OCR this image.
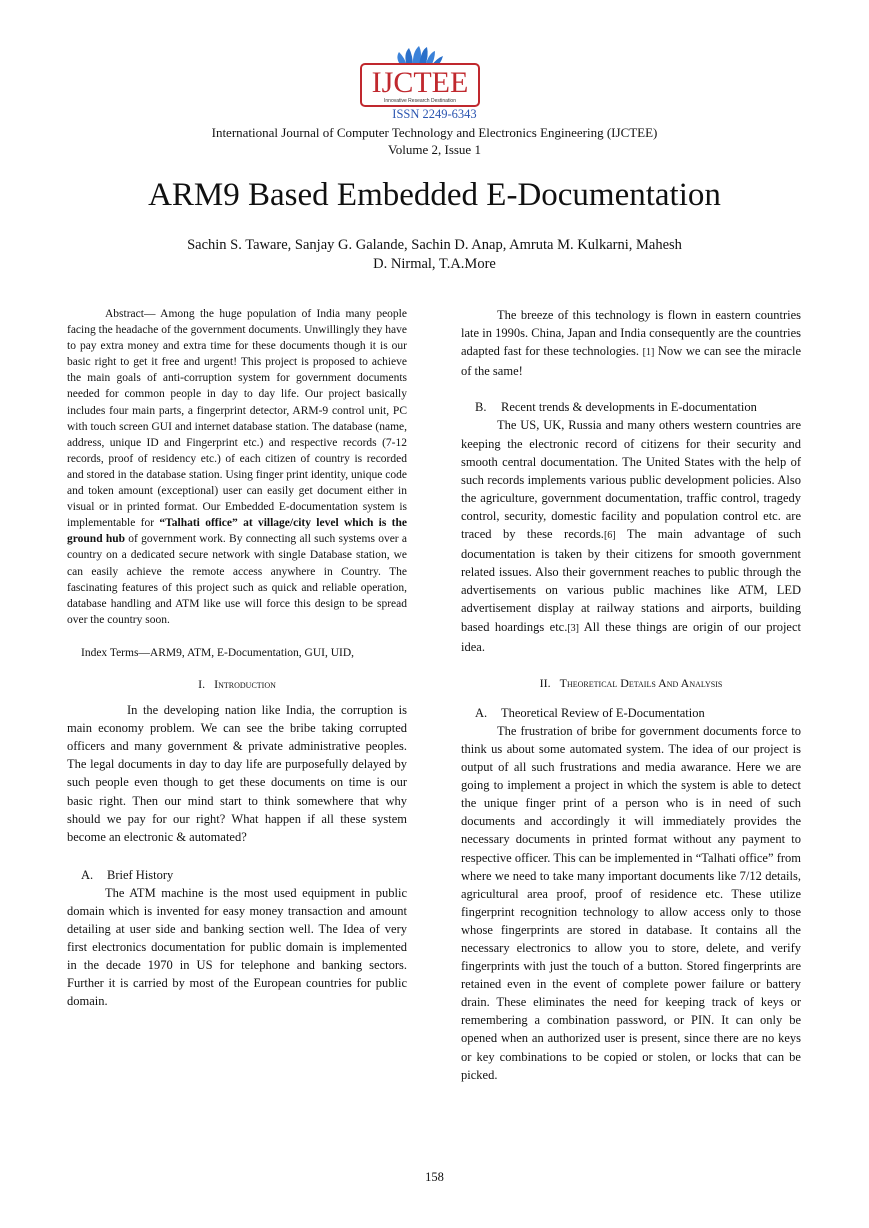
IJCTEE
Innovative Research Destination
ISSN 2249-6343
International Journal of Computer Technology and Electronics Engineering (IJCTEE)
Volume 2, Issue 1
ARM9 Based Embedded E-Documentation
Sachin S. Taware, Sanjay G. Galande, Sachin D. Anap, Amruta M. Kulkarni, Mahesh
D. Nirmal, T.A.More

Abstract— Among the huge population of India many people facing the headache of the government documents. Unwillingly they have to pay extra money and extra time for these documents though it is our basic right to get it free and urgent! This project is proposed to achieve the main goals of anti-corruption system for government documents needed for common people in day to day life. Our project basically includes four main parts, a fingerprint detector, ARM-9 control unit, PC with touch screen GUI and internet database station. The database (name, address, unique ID and Fingerprint etc.) and respective records (7-12 records, proof of residency etc.) of each citizen of country is recorded and stored in the database station. Using finger print identity, unique code and token amount (exceptional) user can easily get document either in visual or in printed format. Our Embedded E-documentation system is implementable for “Talhati office” at village/city level which is the ground hub of government work. By connecting all such systems over a country on a dedicated secure network with single Database station, we can easily achieve the remote access anywhere in Country. The fascinating features of this project such as quick and reliable operation, database handling and ATM like use will force this design to be spread over the country soon.

Index Terms—ARM9, ATM, E-Documentation, GUI, UID,

I. Introduction

In the developing nation like India, the corruption is main economy problem. We can see the bribe taking corrupted officers and many government & private administrative peoples. The legal documents in day to day life are purposefully delayed by such people even though to get these documents on time is our basic right. Then our mind start to think somewhere that why should we pay for our right? What happen if all these system become an electronic & automated?

A. Brief History

The ATM machine is the most used equipment in public domain which is invented for easy money transaction and amount detailing at user side and banking section well. The Idea of very first electronics documentation for public domain is implemented in the decade 1970 in US for telephone and banking sectors. Further it is carried by most of the European countries for public domain.

The breeze of this technology is flown in eastern countries late in 1990s. China, Japan and India consequently are the countries adapted fast for these technologies. [1] Now we can see the miracle of the same!

B. Recent trends & developments in E-documentation

The US, UK, Russia and many others western countries are keeping the electronic record of citizens for their security and smooth central documentation. The United States with the help of such records implements various public development policies. Also the agriculture, government documentation, traffic control, tragedy control, security, domestic facility and population control etc. are traced by these records.[6] The main advantage of such documentation is taken by their citizens for smooth government related issues. Also their government reaches to public through the advertisements on various public machines like ATM, LED advertisement display at railway stations and airports, building based hoardings etc.[3] All these things are origin of our project idea.

II. Theoretical Details And Analysis

A. Theoretical Review of E-Documentation

The frustration of bribe for government documents force to think us about some automated system. The idea of our project is output of all such frustrations and media awarance. Here we are going to implement a project in which the system is able to detect the unique finger print of a person who is in need of such documents and accordingly it will immediately provides the necessary documents in printed format without any payment to respective officer. This can be implemented in “Talhati office” from where we need to take many important documents like 7/12 details, agricultural area proof, proof of residence etc. These utilize fingerprint recognition technology to allow access only to those whose fingerprints are stored in database. It contains all the necessary electronics to allow you to store, delete, and verify fingerprints with just the touch of a button. Stored fingerprints are retained even in the event of complete power failure or battery drain. These eliminates the need for keeping track of keys or remembering a combination password, or PIN. It can only be opened when an authorized user is present, since there are no keys or key combinations to be copied or stolen, or locks that can be picked.

158
